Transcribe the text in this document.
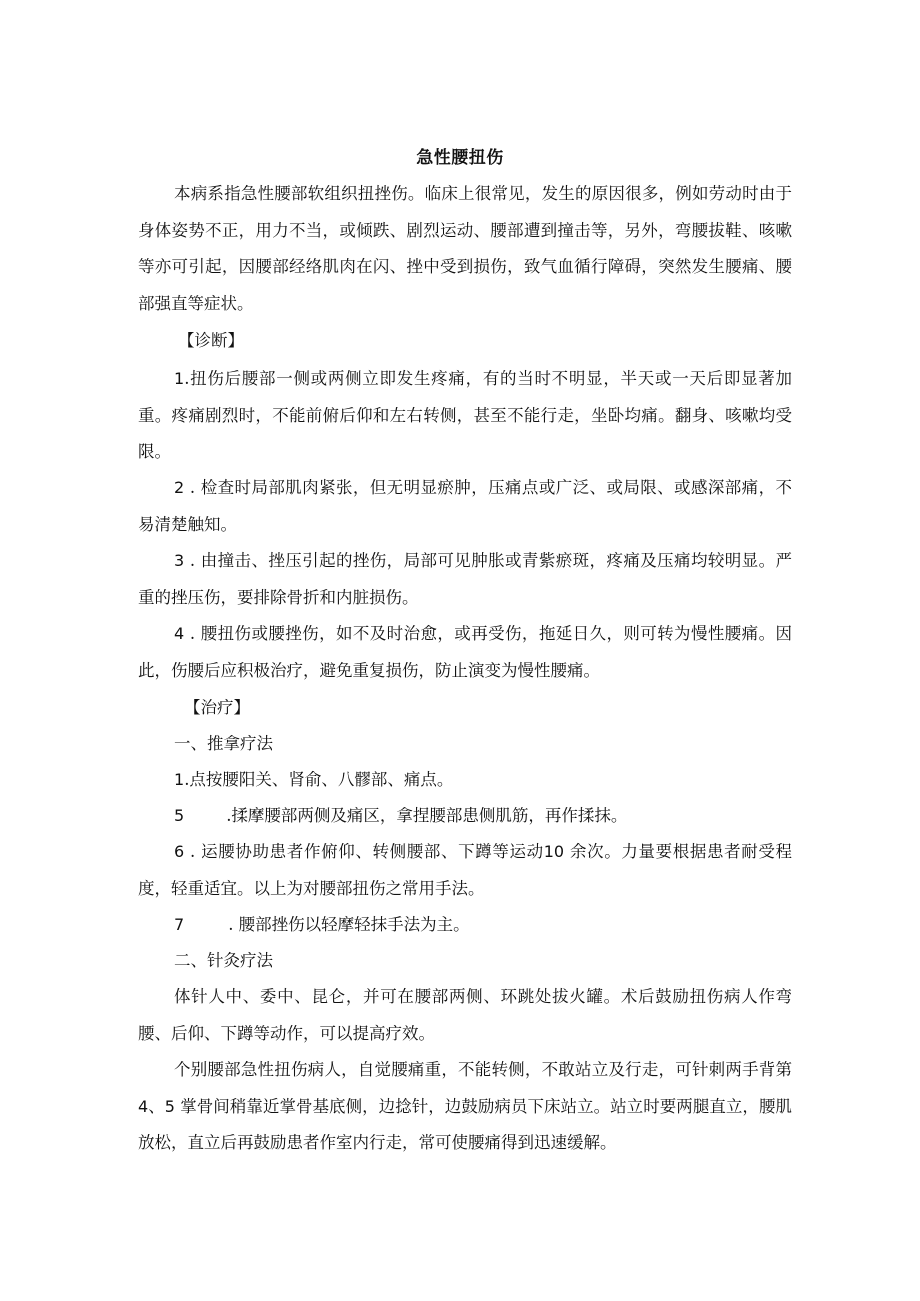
急性腰扭伤

本病系指急性腰部软组织扭挫伤。临床上很常见，发生的原因很多，例如劳动时由于身体姿势不正，用力不当，或倾跌、剧烈运动、腰部遭到撞击等，另外，弯腰拔鞋、咳嗽等亦可引起，因腰部经络肌肉在闪、挫中受到损伤，致气血循行障碍，突然发生腰痛、腰部强直等症状。

【诊断】

1.扭伤后腰部一侧或两侧立即发生疼痛，有的当时不明显，半天或一天后即显著加重。疼痛剧烈时，不能前俯后仰和左右转侧，甚至不能行走，坐卧均痛。翻身、咳嗽均受限。

2 . 检查时局部肌肉紧张，但无明显瘀肿，压痛点或广泛、或局限、或感深部痛，不易清楚触知。

3 . 由撞击、挫压引起的挫伤，局部可见肿胀或青紫瘀斑，疼痛及压痛均较明显。严重的挫压伤，要排除骨折和内脏损伤。

4 . 腰扭伤或腰挫伤，如不及时治愈，或再受伤，拖延日久，则可转为慢性腰痛。因此，伤腰后应积极治疗，避免重复损伤，防止演变为慢性腰痛。

【治疗】
一、推拿疗法
1.点按腰阳关、肾俞、八髎部、痛点。
5	.揉摩腰部两侧及痛区，拿捏腰部患侧肌筋，再作揉抹。

6 . 运腰协助患者作俯仰、转侧腰部、下蹲等运动10 余次。力量要根据患者耐受程度，轻重适宜。以上为对腰部扭伤之常用手法。

7	. 腰部挫伤以轻摩轻抹手法为主。
二、针灸疗法

体针人中、委中、昆仑，并可在腰部两侧、环跳处拔火罐。术后鼓励扭伤病人作弯腰、后仰、下蹲等动作，可以提高疗效。

个别腰部急性扭伤病人，自觉腰痛重，不能转侧，不敢站立及行走，可针刺两手背第4、5 掌骨间稍靠近掌骨基底侧，边捻针，边鼓励病员下床站立。站立时要两腿直立，腰肌放松，直立后再鼓励患者作室内行走，常可使腰痛得到迅速缓解。
